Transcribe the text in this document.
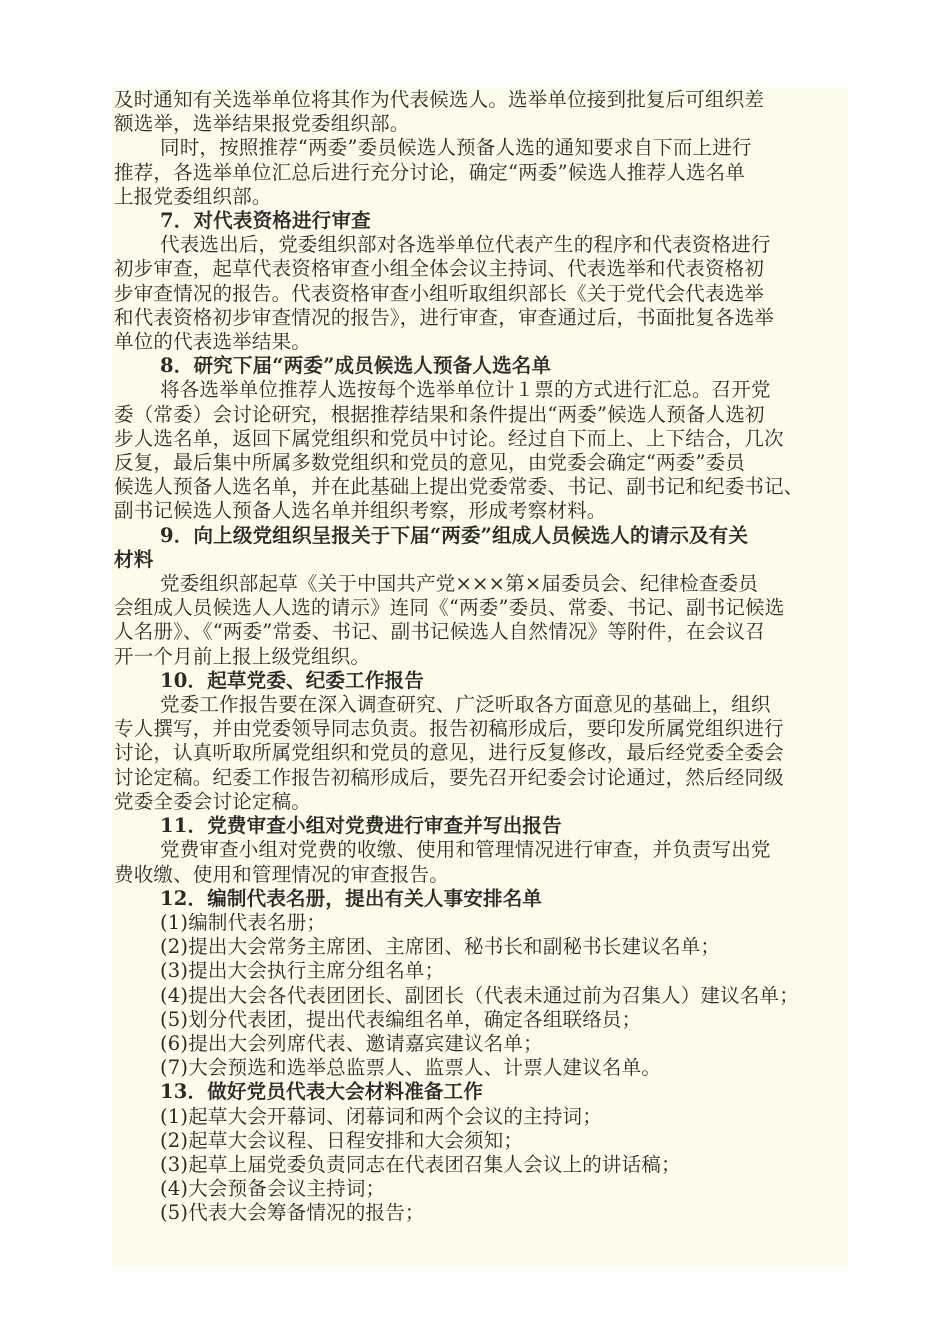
及时通知有关选举单位将其作为代表候选人。选举单位接到批复后可组织差
额选举，选举结果报党委组织部。
同时，按照推荐“两委”委员候选人预备人选的通知要求自下而上进行
推荐，各选举单位汇总后进行充分讨论，确定“两委”候选人推荐人选名单
上报党委组织部。
7．对代表资格进行审查
代表选出后，党委组织部对各选举单位代表产生的程序和代表资格进行
初步审查，起草代表资格审查小组全体会议主持词、代表选举和代表资格初
步审查情况的报告。代表资格审查小组听取组织部长《关于党代会代表选举
和代表资格初步审查情况的报告》，进行审查，审查通过后，书面批复各选举
单位的代表选举结果。
8．研究下届“两委”成员候选人预备人选名单
将各选举单位推荐人选按每个选举单位计１票的方式进行汇总。召开党
委（常委）会讨论研究，根据推荐结果和条件提出“两委”候选人预备人选初
步人选名单，返回下属党组织和党员中讨论。经过自下而上、上下结合，几次
反复，最后集中所属多数党组织和党员的意见，由党委会确定“两委”委员
候选人预备人选名单，并在此基础上提出党委常委、书记、副书记和纪委书记、
副书记候选人预备人选名单并组织考察，形成考察材料。
9．向上级党组织呈报关于下届“两委”组成人员候选人的请示及有关
材料
党委组织部起草《关于中国共产党×××第×届委员会、纪律检查委员
会组成人员候选人人选的请示》连同《“两委”委员、常委、书记、副书记候选
人名册》、《“两委”常委、书记、副书记候选人自然情况》等附件，在会议召
开一个月前上报上级党组织。
10．起草党委、纪委工作报告
党委工作报告要在深入调查研究、广泛听取各方面意见的基础上，组织
专人撰写，并由党委领导同志负责。报告初稿形成后，要印发所属党组织进行
讨论，认真听取所属党组织和党员的意见，进行反复修改，最后经党委全委会
讨论定稿。纪委工作报告初稿形成后，要先召开纪委会讨论通过，然后经同级
党委全委会讨论定稿。
11．党费审查小组对党费进行审查并写出报告
党费审查小组对党费的收缴、使用和管理情况进行审查，并负责写出党
费收缴、使用和管理情况的审查报告。
12．编制代表名册，提出有关人事安排名单
(1)编制代表名册；
(2)提出大会常务主席团、主席团、秘书长和副秘书长建议名单；
(3)提出大会执行主席分组名单；
(4)提出大会各代表团团长、副团长（代表未通过前为召集人）建议名单；
(5)划分代表团，提出代表编组名单，确定各组联络员；
(6)提出大会列席代表、邀请嘉宾建议名单；
(7)大会预选和选举总监票人、监票人、计票人建议名单。
13．做好党员代表大会材料准备工作
(1)起草大会开幕词、闭幕词和两个会议的主持词；
(2)起草大会议程、日程安排和大会须知；
(3)起草上届党委负责同志在代表团召集人会议上的讲话稿；
(4)大会预备会议主持词；
(5)代表大会筹备情况的报告；
